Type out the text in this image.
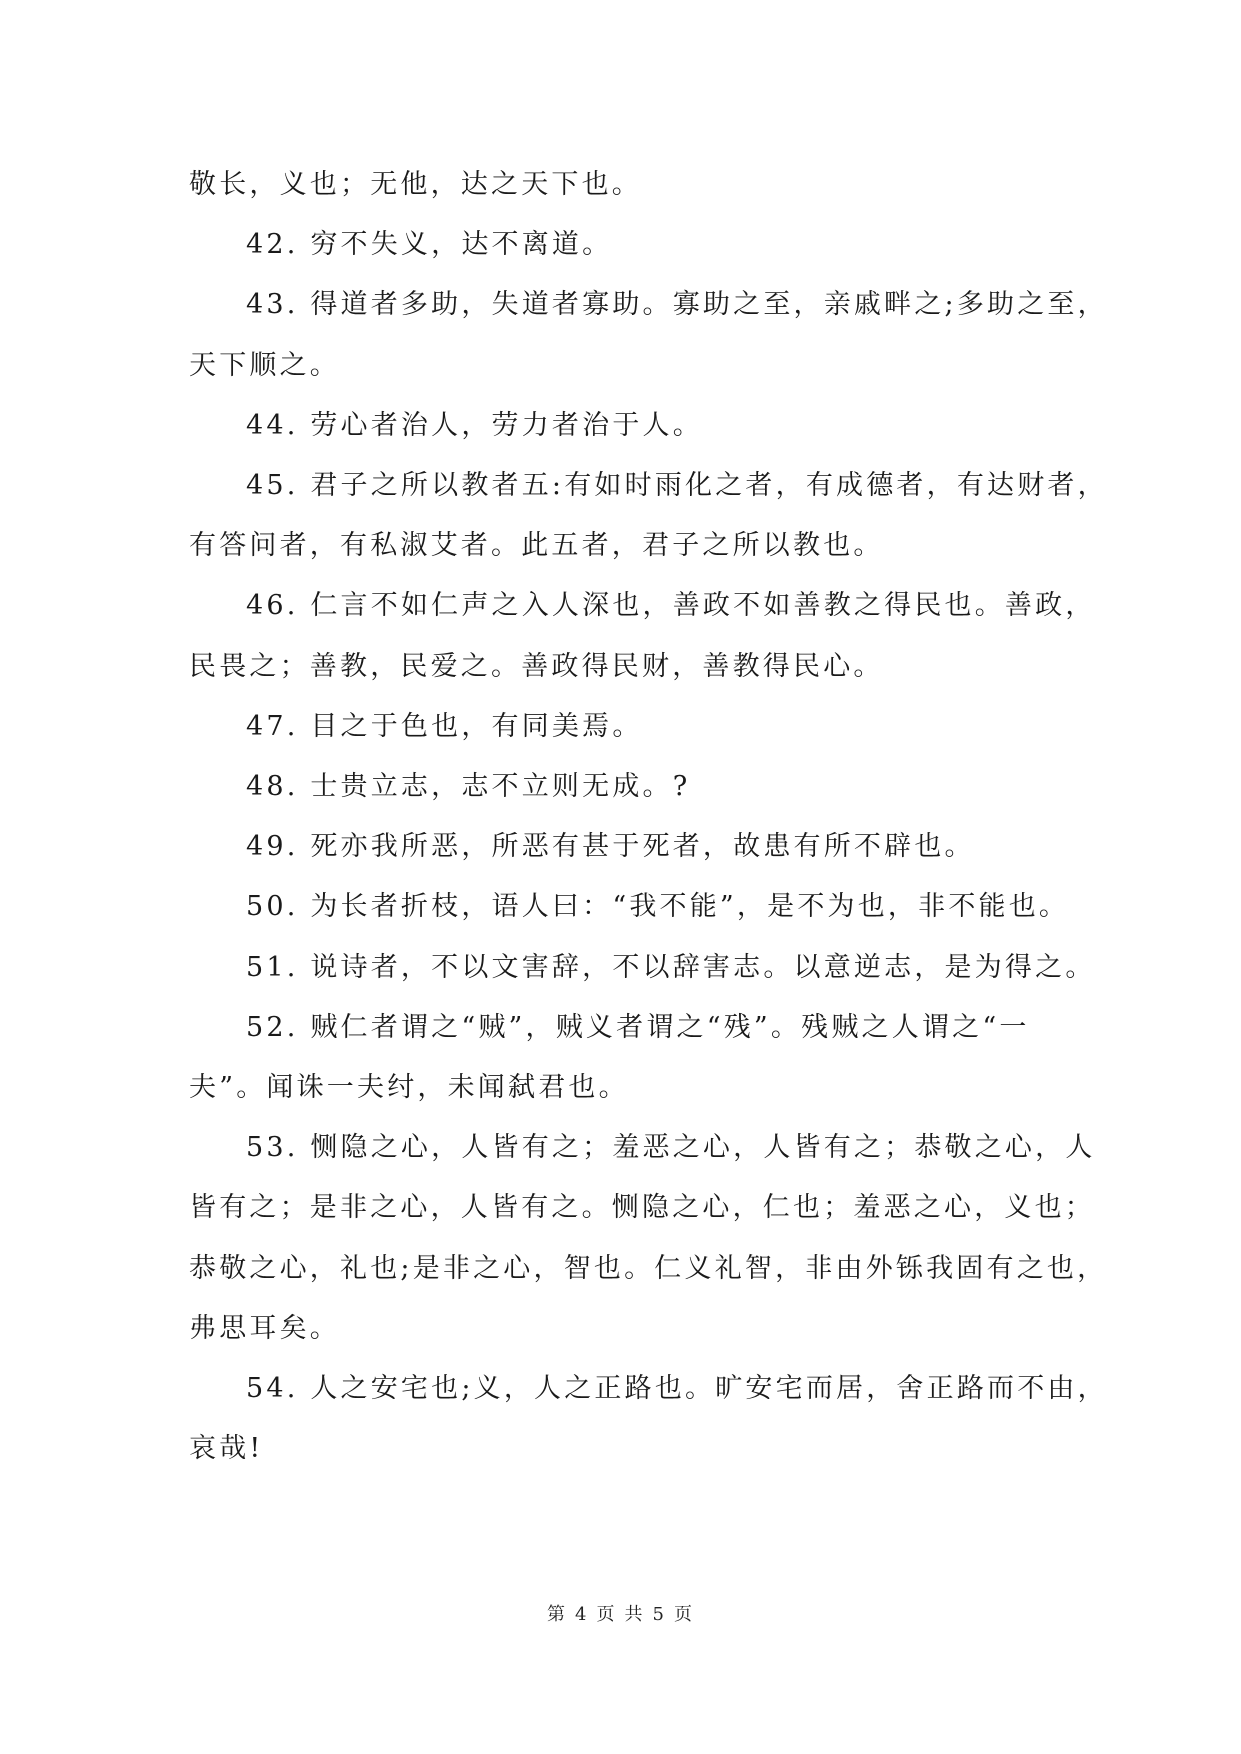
敬长，义也；无他，达之天下也。
42. 穷不失义，达不离道。
43. 得道者多助，失道者寡助。寡助之至，亲戚畔之;多助之至，
天下顺之。
44. 劳心者治人，劳力者治于人。
45. 君子之所以教者五:有如时雨化之者，有成德者，有达财者，
有答问者，有私淑艾者。此五者，君子之所以教也。
46. 仁言不如仁声之入人深也，善政不如善教之得民也。善政，
民畏之；善教，民爱之。善政得民财，善教得民心。
47. 目之于色也，有同美焉。
48. 士贵立志，志不立则无成。?
49. 死亦我所恶，所恶有甚于死者，故患有所不辟也。
50. 为长者折枝，语人曰：“我不能”，是不为也，非不能也。
51. 说诗者，不以文害辞，不以辞害志。以意逆志，是为得之。
52. 贼仁者谓之“贼”，贼义者谓之“残”。残贼之人谓之“一
夫”。闻诛一夫纣，未闻弑君也。
53. 恻隐之心，人皆有之；羞恶之心，人皆有之；恭敬之心，人
皆有之；是非之心，人皆有之。恻隐之心，仁也；羞恶之心，义也；
恭敬之心，礼也;是非之心，智也。仁义礼智，非由外铄我固有之也，
弗思耳矣。
54. 人之安宅也;义，人之正路也。旷安宅而居，舍正路而不由，
哀哉!
第 4 页 共 5 页
